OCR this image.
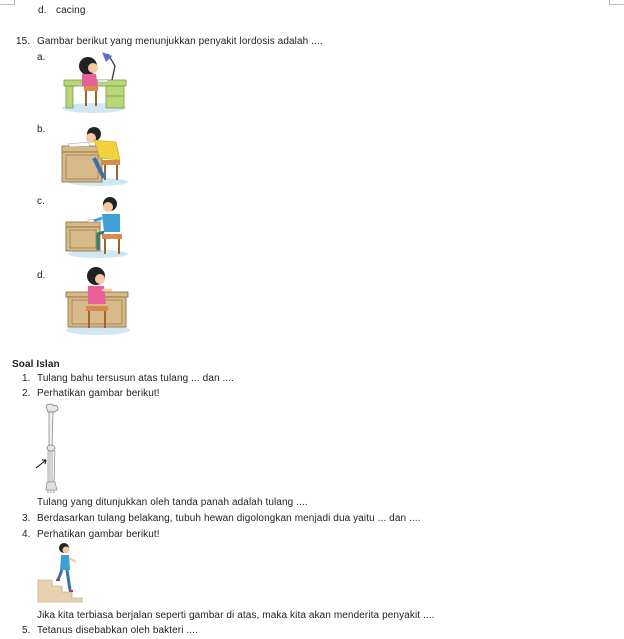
d. cacing
15. Gambar berikut yang menunjukkan penyakit lordosis adalah ....
a.
b.
c.
d.
Soal Islan
1. Tulang bahu tersusun atas tulang ... dan ....
2. Perhatikan gambar berikut!
Tulang yang ditunjukkan oleh tanda panah adalah tulang ....
3. Berdasarkan tulang belakang, tubuh hewan digolongkan menjadi dua yaitu ... dan ....
4. Perhatikan gambar berikut!
Jika kita terbiasa berjalan seperti gambar di atas, maka kita akan menderita penyakit ....
5. Tetanus disebabkan oleh bakteri ....
